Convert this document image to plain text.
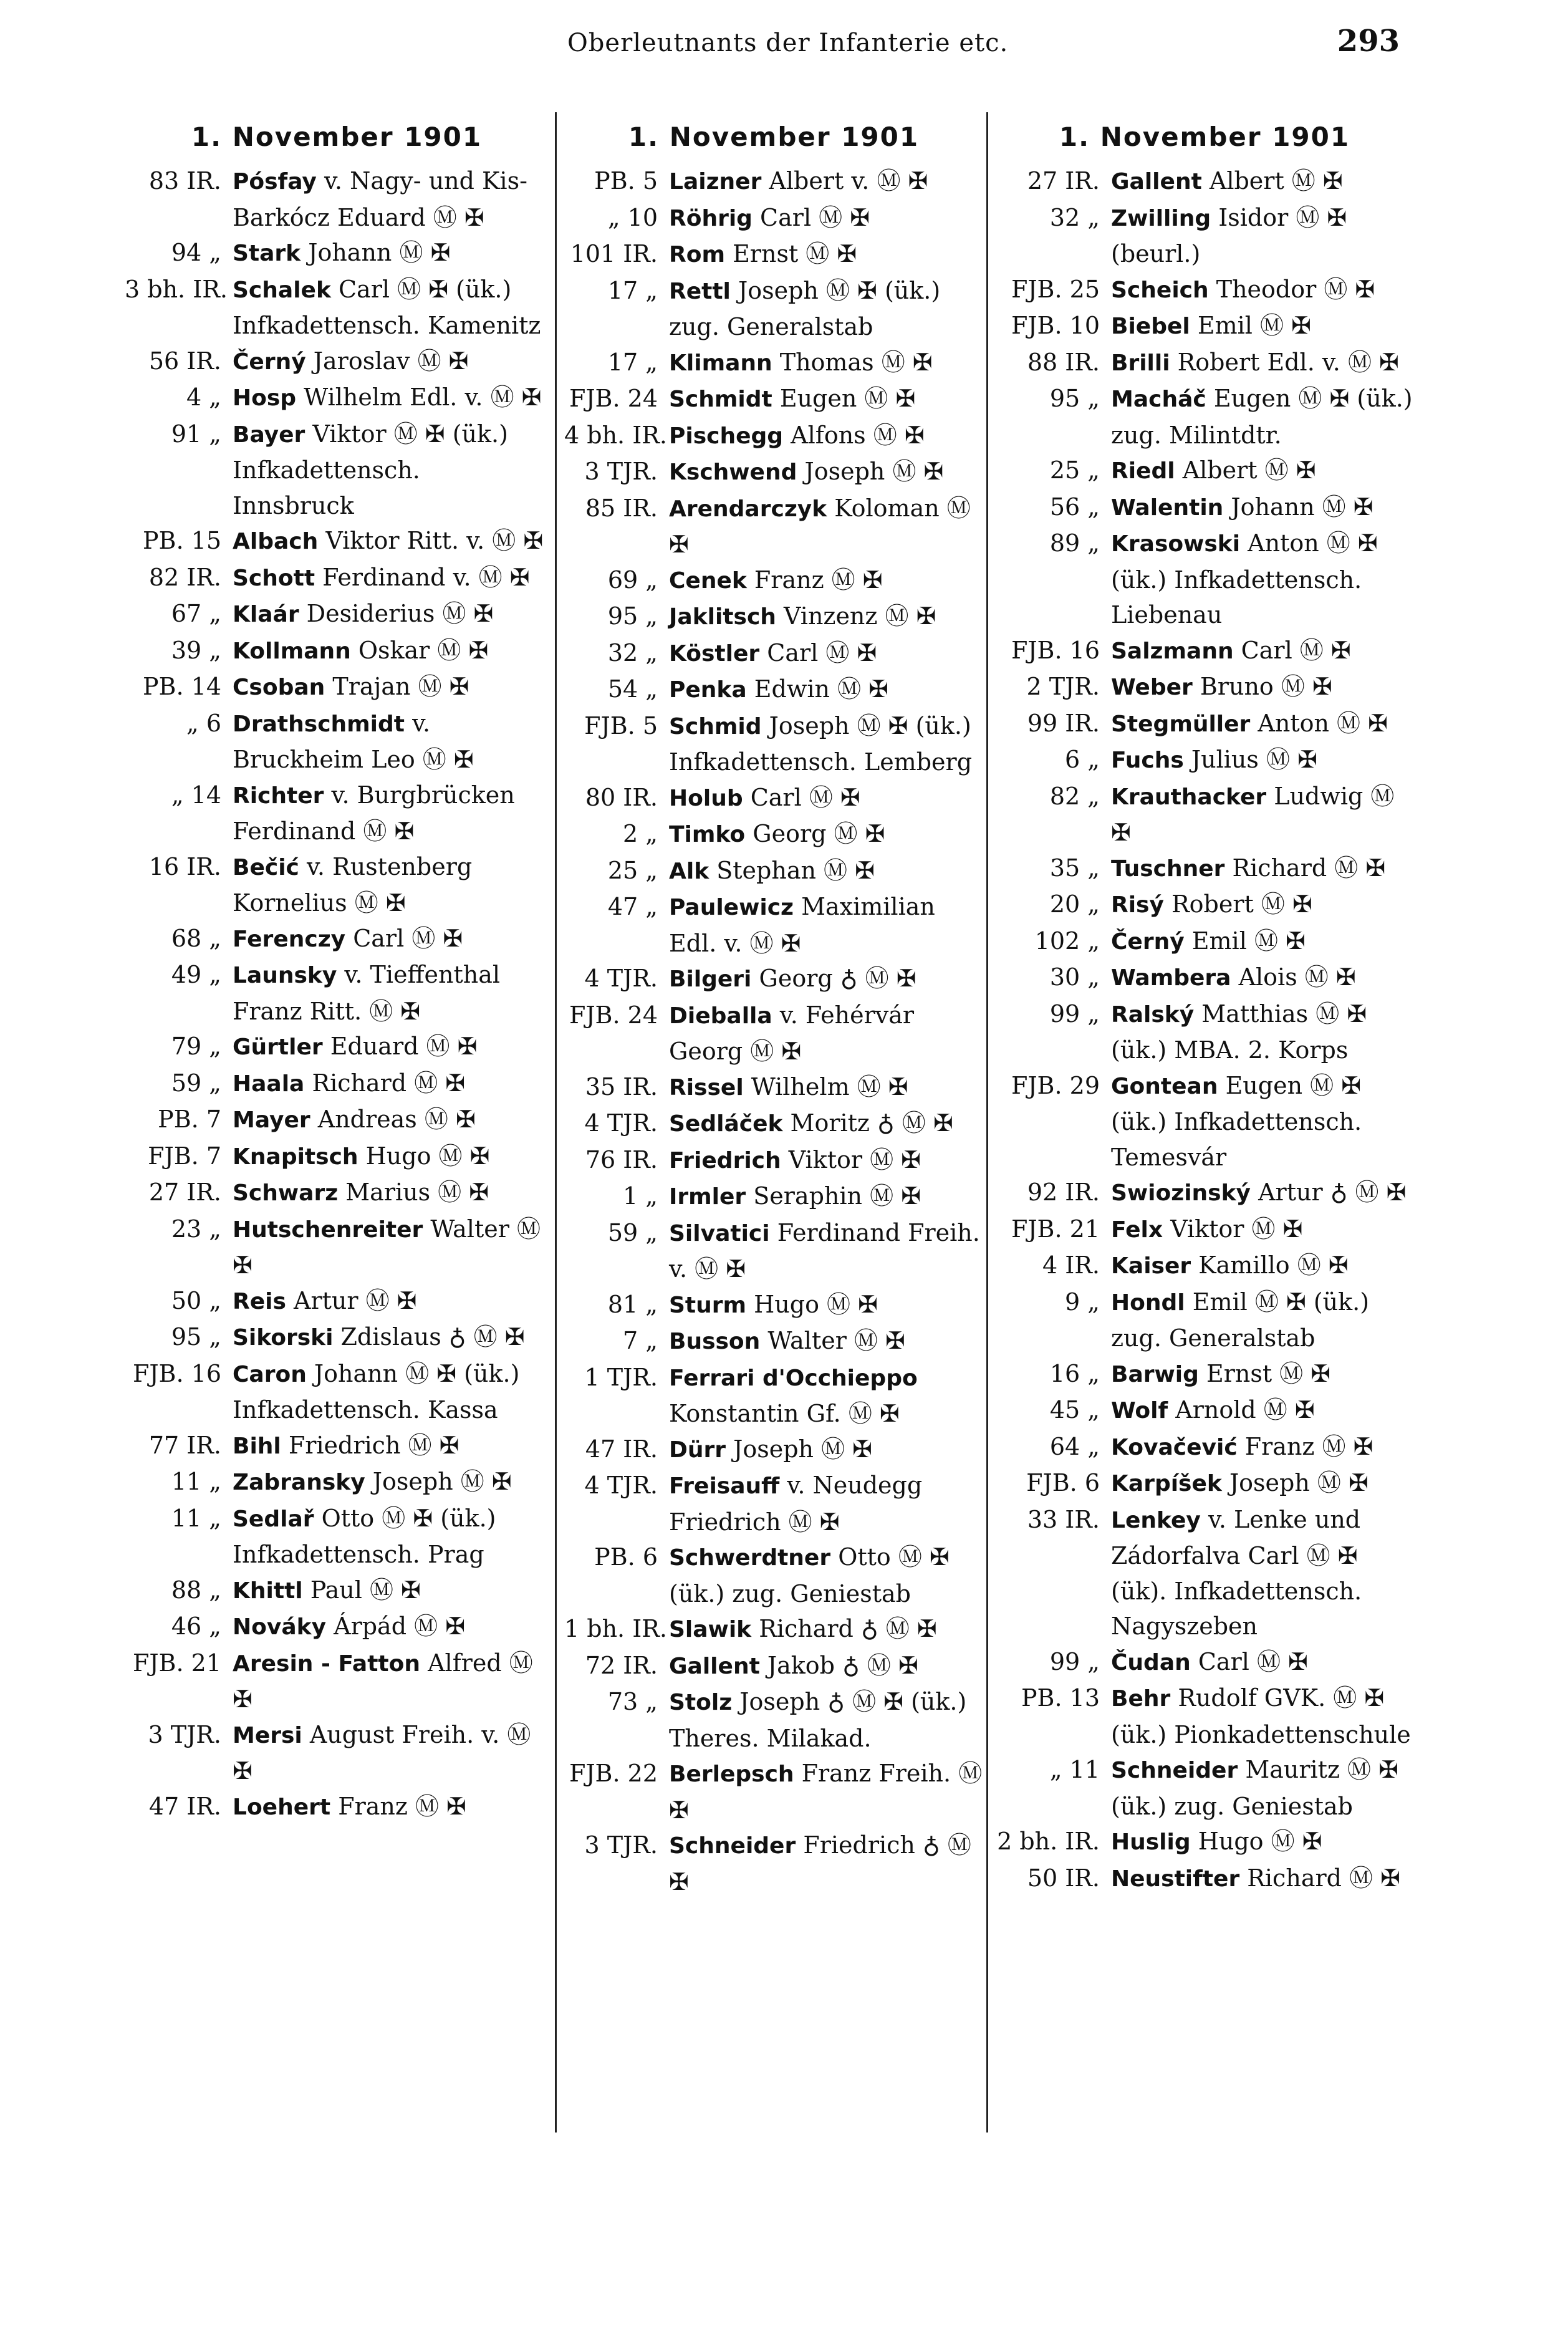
Oberleutnants der Infanterie etc.	293
1. November 1901
83 IR. Pósfay v. Nagy- und Kis-Barkócz Eduard Ⓜ ✠
94 „ Stark Johann Ⓜ ✠
3 bh. IR. Schalek Carl Ⓜ ✠ (ük.) Infkadettensch. Kamenitz
56 IR. Černý Jaroslav Ⓜ ✠
4 „ Hosp Wilhelm Edl. v. Ⓜ ✠
91 „ Bayer Viktor Ⓜ ✠ (ük.) Infkadettensch. Innsbruck
PB. 15 Albach Viktor Ritt. v. Ⓜ ✠
82 IR. Schott Ferdinand v. Ⓜ ✠
67 „ Klaár Desiderius Ⓜ ✠
39 „ Kollmann Oskar Ⓜ ✠
PB. 14 Csoban Trajan Ⓜ ✠
„ 6 Drathschmidt v. Bruckheim Leo Ⓜ ✠
„ 14 Richter v. Burgbrücken Ferdinand Ⓜ ✠
16 IR. Bečić v. Rustenberg Kornelius Ⓜ ✠
68 „ Ferenczy Carl Ⓜ ✠
49 „ Launsky v. Tieffenthal Franz Ritt. Ⓜ ✠
79 „ Gürtler Eduard Ⓜ ✠
59 „ Haala Richard Ⓜ ✠
PB. 7 Mayer Andreas Ⓜ ✠
FJB. 7 Knapitsch Hugo Ⓜ ✠
27 IR. Schwarz Marius Ⓜ ✠
23 „ Hutschenreiter Walter Ⓜ ✠
50 „ Reis Artur Ⓜ ✠
95 „ Sikorski Zdislaus ♁ Ⓜ ✠
FJB. 16 Caron Johann Ⓜ ✠ (ük.) Infkadettensch. Kassa
77 IR. Bihl Friedrich Ⓜ ✠
11 „ Zabransky Joseph Ⓜ ✠
11 „ Sedlař Otto Ⓜ ✠ (ük.) Infkadettensch. Prag
88 „ Khittl Paul Ⓜ ✠
46 „ Nováky Árpád Ⓜ ✠
FJB. 21 Aresin - Fatton Alfred Ⓜ ✠
3 TJR. Mersi August Freih. v. Ⓜ ✠
47 IR. Loehert Franz Ⓜ ✠
1. November 1901
PB. 5 Laizner Albert v. Ⓜ ✠
„ 10 Röhrig Carl Ⓜ ✠
101 IR. Rom Ernst Ⓜ ✠
17 „ Rettl Joseph Ⓜ ✠ (ük.) zug. Generalstab
17 „ Klimann Thomas Ⓜ ✠
FJB. 24 Schmidt Eugen Ⓜ ✠
4 bh. IR. Pischegg Alfons Ⓜ ✠
3 TJR. Kschwend Joseph Ⓜ ✠
85 IR. Arendarczyk Koloman Ⓜ ✠
69 „ Cenek Franz Ⓜ ✠
95 „ Jaklitsch Vinzenz Ⓜ ✠
32 „ Köstler Carl Ⓜ ✠
54 „ Penka Edwin Ⓜ ✠
FJB. 5 Schmid Joseph Ⓜ ✠ (ük.) Infkadettensch. Lemberg
80 IR. Holub Carl Ⓜ ✠
2 „ Timko Georg Ⓜ ✠
25 „ Alk Stephan Ⓜ ✠
47 „ Paulewicz Maximilian Edl. v. Ⓜ ✠
4 TJR. Bilgeri Georg ♁ Ⓜ ✠
FJB. 24 Dieballa v. Fehérvár Georg Ⓜ ✠
35 IR. Rissel Wilhelm Ⓜ ✠
4 TJR. Sedláček Moritz ♁ Ⓜ ✠
76 IR. Friedrich Viktor Ⓜ ✠
1 „ Irmler Seraphin Ⓜ ✠
59 „ Silvatici Ferdinand Freih. v. Ⓜ ✠
81 „ Sturm Hugo Ⓜ ✠
7 „ Busson Walter Ⓜ ✠
1 TJR. Ferrari d'Occhieppo Konstantin Gf. Ⓜ ✠
47 IR. Dürr Joseph Ⓜ ✠
4 TJR. Freisauff v. Neudegg Friedrich Ⓜ ✠
PB. 6 Schwerdtner Otto Ⓜ ✠ (ük.) zug. Geniestab
1 bh. IR. Slawik Richard ♁ Ⓜ ✠
72 IR. Gallent Jakob ♁ Ⓜ ✠
73 „ Stolz Joseph ♁ Ⓜ ✠ (ük.) Theres. Milakad.
FJB. 22 Berlepsch Franz Freih. Ⓜ ✠
3 TJR. Schneider Friedrich ♁ Ⓜ ✠
1. November 1901
27 IR. Gallent Albert Ⓜ ✠
32 „ Zwilling Isidor Ⓜ ✠ (beurl.)
FJB. 25 Scheich Theodor Ⓜ ✠
FJB. 10 Biebel Emil Ⓜ ✠
88 IR. Brilli Robert Edl. v. Ⓜ ✠
95 „ Macháč Eugen Ⓜ ✠ (ük.) zug. Milintdtr.
25 „ Riedl Albert Ⓜ ✠
56 „ Walentin Johann Ⓜ ✠
89 „ Krasowski Anton Ⓜ ✠ (ük.) Infkadettensch. Liebenau
FJB. 16 Salzmann Carl Ⓜ ✠
2 TJR. Weber Bruno Ⓜ ✠
99 IR. Stegmüller Anton Ⓜ ✠
6 „ Fuchs Julius Ⓜ ✠
82 „ Krauthacker Ludwig Ⓜ ✠
35 „ Tuschner Richard Ⓜ ✠
20 „ Risý Robert Ⓜ ✠
102 „ Černý Emil Ⓜ ✠
30 „ Wambera Alois Ⓜ ✠
99 „ Ralský Matthias Ⓜ ✠ (ük.) MBA. 2. Korps
FJB. 29 Gontean Eugen Ⓜ ✠ (ük.) Infkadettensch. Temesvár
92 IR. Swiozinský Artur ♁ Ⓜ ✠
FJB. 21 Felx Viktor Ⓜ ✠
4 IR. Kaiser Kamillo Ⓜ ✠
9 „ Hondl Emil Ⓜ ✠ (ük.) zug. Generalstab
16 „ Barwig Ernst Ⓜ ✠
45 „ Wolf Arnold Ⓜ ✠
64 „ Kovačević Franz Ⓜ ✠
FJB. 6 Karpíšek Joseph Ⓜ ✠
33 IR. Lenkey v. Lenke und Zádorfalva Carl Ⓜ ✠ (ük). Infkadettensch. Nagyszeben
99 „ Čudan Carl Ⓜ ✠
PB. 13 Behr Rudolf GVK. Ⓜ ✠ (ük.) Pionkadettenschule
„ 11 Schneider Mauritz Ⓜ ✠ (ük.) zug. Geniestab
2 bh. IR. Huslig Hugo Ⓜ ✠
50 IR. Neustifter Richard Ⓜ ✠
